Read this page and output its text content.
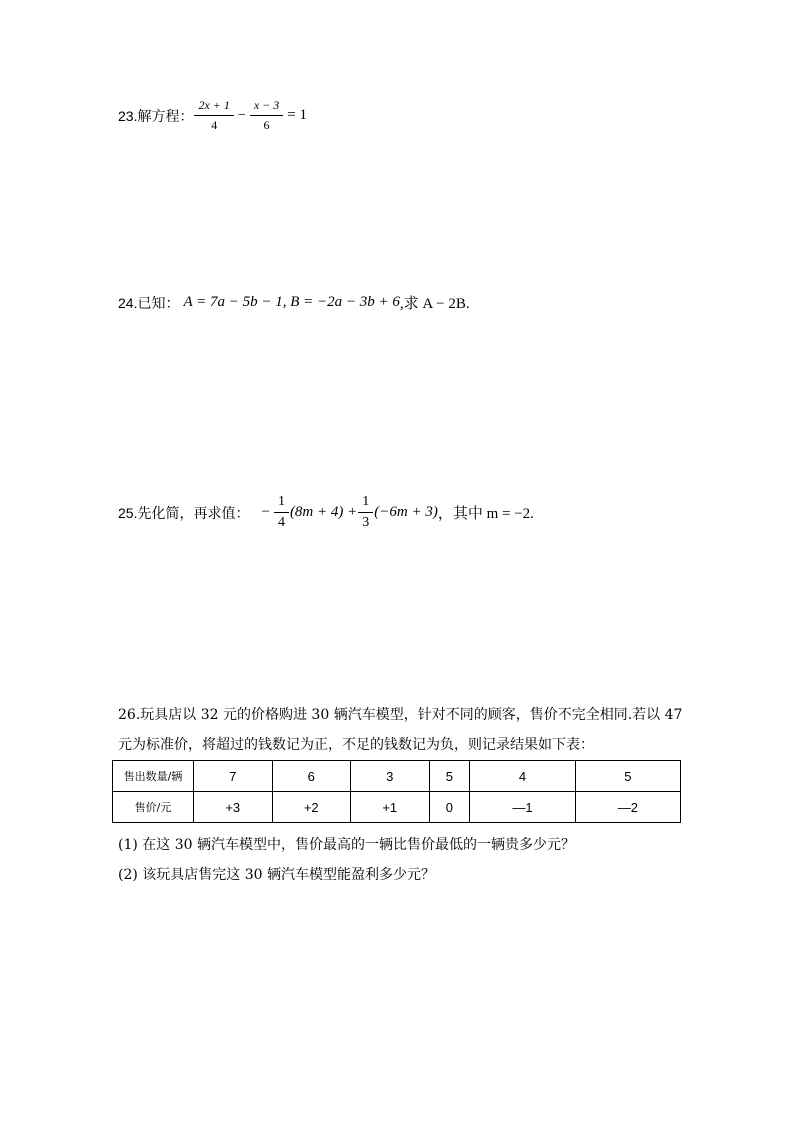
23.解方程： $\frac{2x + 1}{4} - \frac{x - 3}{6} = 1$
24.已知： A = 7a − 5b − 1, B = −2a − 3b + 6 ,求 A − 2B.
25.先化简，再求值： − $\frac{1}{4} (8m + 4) + \frac{1}{3} (-6m + 3)$ ，其中 m = −2.
26.玩具店以 32 元的价格购进 30 辆汽车模型，针对不同的顾客，售价不完全相同.若以 47
元为标准价，将超过的钱数记为正，不足的钱数记为负，则记录结果如下表：
售出数量/辆	7	6	3	5	4	5
售价/元	+3	+2	+1	0	—1	—2
(1) 在这 30 辆汽车模型中，售价最高的一辆比售价最低的一辆贵多少元？
(2) 该玩具店售完这 30 辆汽车模型能盈利多少元？
